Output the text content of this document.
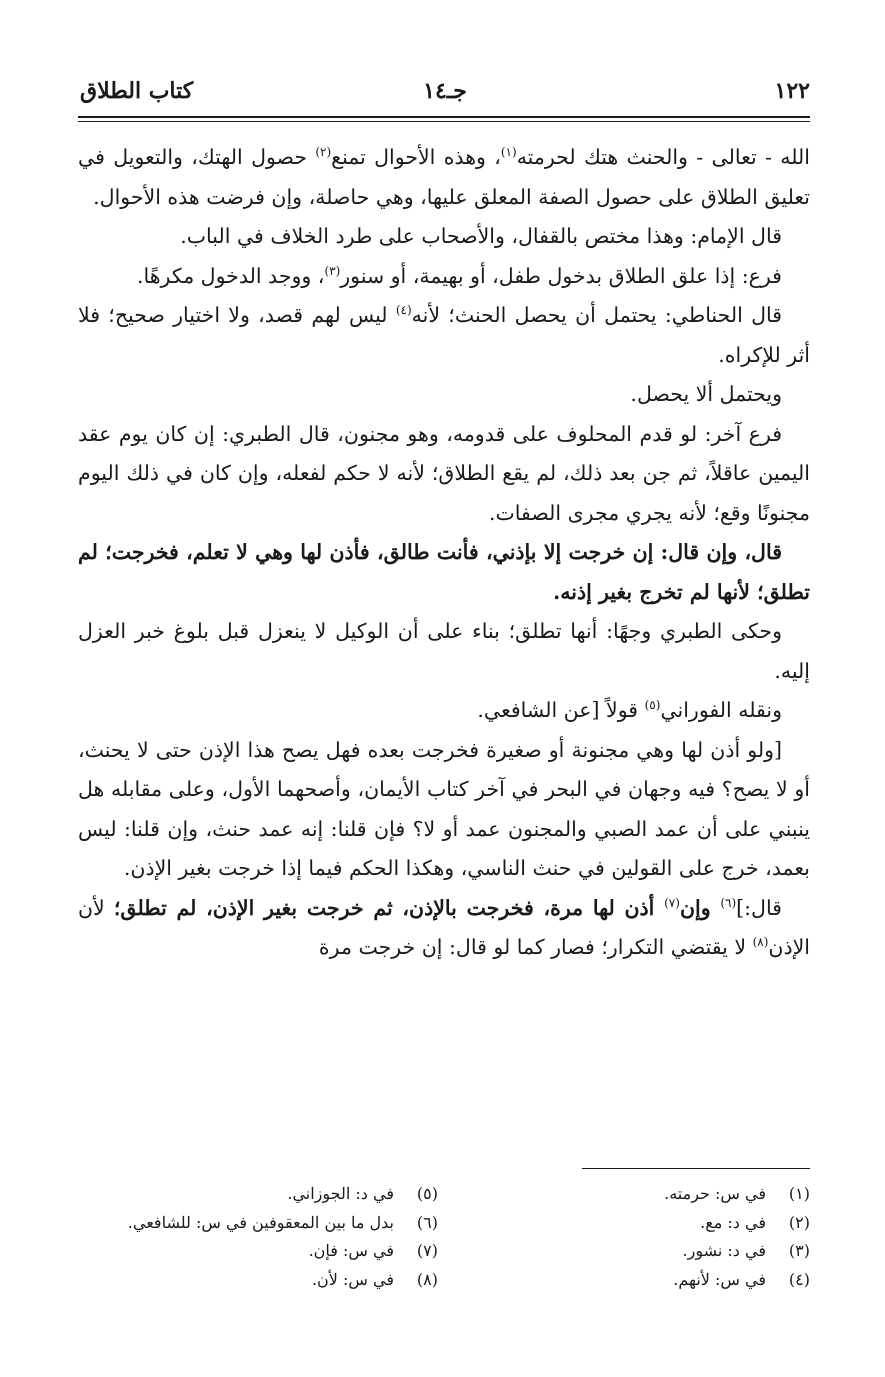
١٢٢
جـ١٤
كتاب الطلاق

الله - تعالى - والحنث هتك لحرمته$^{(١)}$، وهذه الأحوال تمنع$^{(٢)}$ حصول الهتك، والتعويل في تعليق الطلاق على حصول الصفة المعلق عليها، وهي حاصلة، وإن فرضت هذه الأحوال.

قال الإمام: وهذا مختص بالقفال، والأصحاب على طرد الخلاف في الباب.

فرع: إذا علق الطلاق بدخول طفل، أو بهيمة، أو سنور$^{(٣)}$، ووجد الدخول مكرهًا.

قال الحناطي: يحتمل أن يحصل الحنث؛ لأنه$^{(٤)}$ ليس لهم قصد، ولا اختيار صحيح؛ فلا أثر للإكراه.

ويحتمل ألا يحصل.

فرع آخر: لو قدم المحلوف على قدومه، وهو مجنون، قال الطبري: إن كان يوم عقد اليمين عاقلاً، ثم جن بعد ذلك، لم يقع الطلاق؛ لأنه لا حكم لفعله، وإن كان في ذلك اليوم مجنونًا وقع؛ لأنه يجري مجرى الصفات.

قال، وإن قال: إن خرجت إلا بإذني، فأنت طالق، فأذن لها وهي لا تعلم، فخرجت؛ لم تطلق؛ لأنها لم تخرج بغير إذنه.

وحكى الطبري وجهًا: أنها تطلق؛ بناء على أن الوكيل لا ينعزل قبل بلوغ خبر العزل إليه.

ونقله الفوراني$^{(٥)}$ قولاً [عن الشافعي.

[ولو أذن لها وهي مجنونة أو صغيرة فخرجت بعده فهل يصح هذا الإذن حتى لا يحنث، أو لا يصح؟ فيه وجهان في البحر في آخر كتاب الأيمان، وأصحهما الأول، وعلى مقابله هل ينبني على أن عمد الصبي والمجنون عمد أو لا؟ فإن قلنا: إنه عمد حنث، وإن قلنا: ليس بعمد، خرج على القولين في حنث الناسي، وهكذا الحكم فيما إذا خرجت بغير الإذن.

قال:]$^{(٦)}$ وإن$^{(٧)}$ أذن لها مرة، فخرجت بالإذن، ثم خرجت بغير الإذن، لم تطلق؛ لأن الإذن$^{(٨)}$ لا يقتضي التكرار؛ فصار كما لو قال: إن خرجت مرة

(١)في س: حرمته.
(٢)في د: مع.
(٣)في د: نشور.
(٤)في س: لأنهم.
(٥)في د: الجوزاني.
(٦)بدل ما بين المعقوفين في س: للشافعي.
(٧)في س: فإن.
(٨)في س: لأن.
